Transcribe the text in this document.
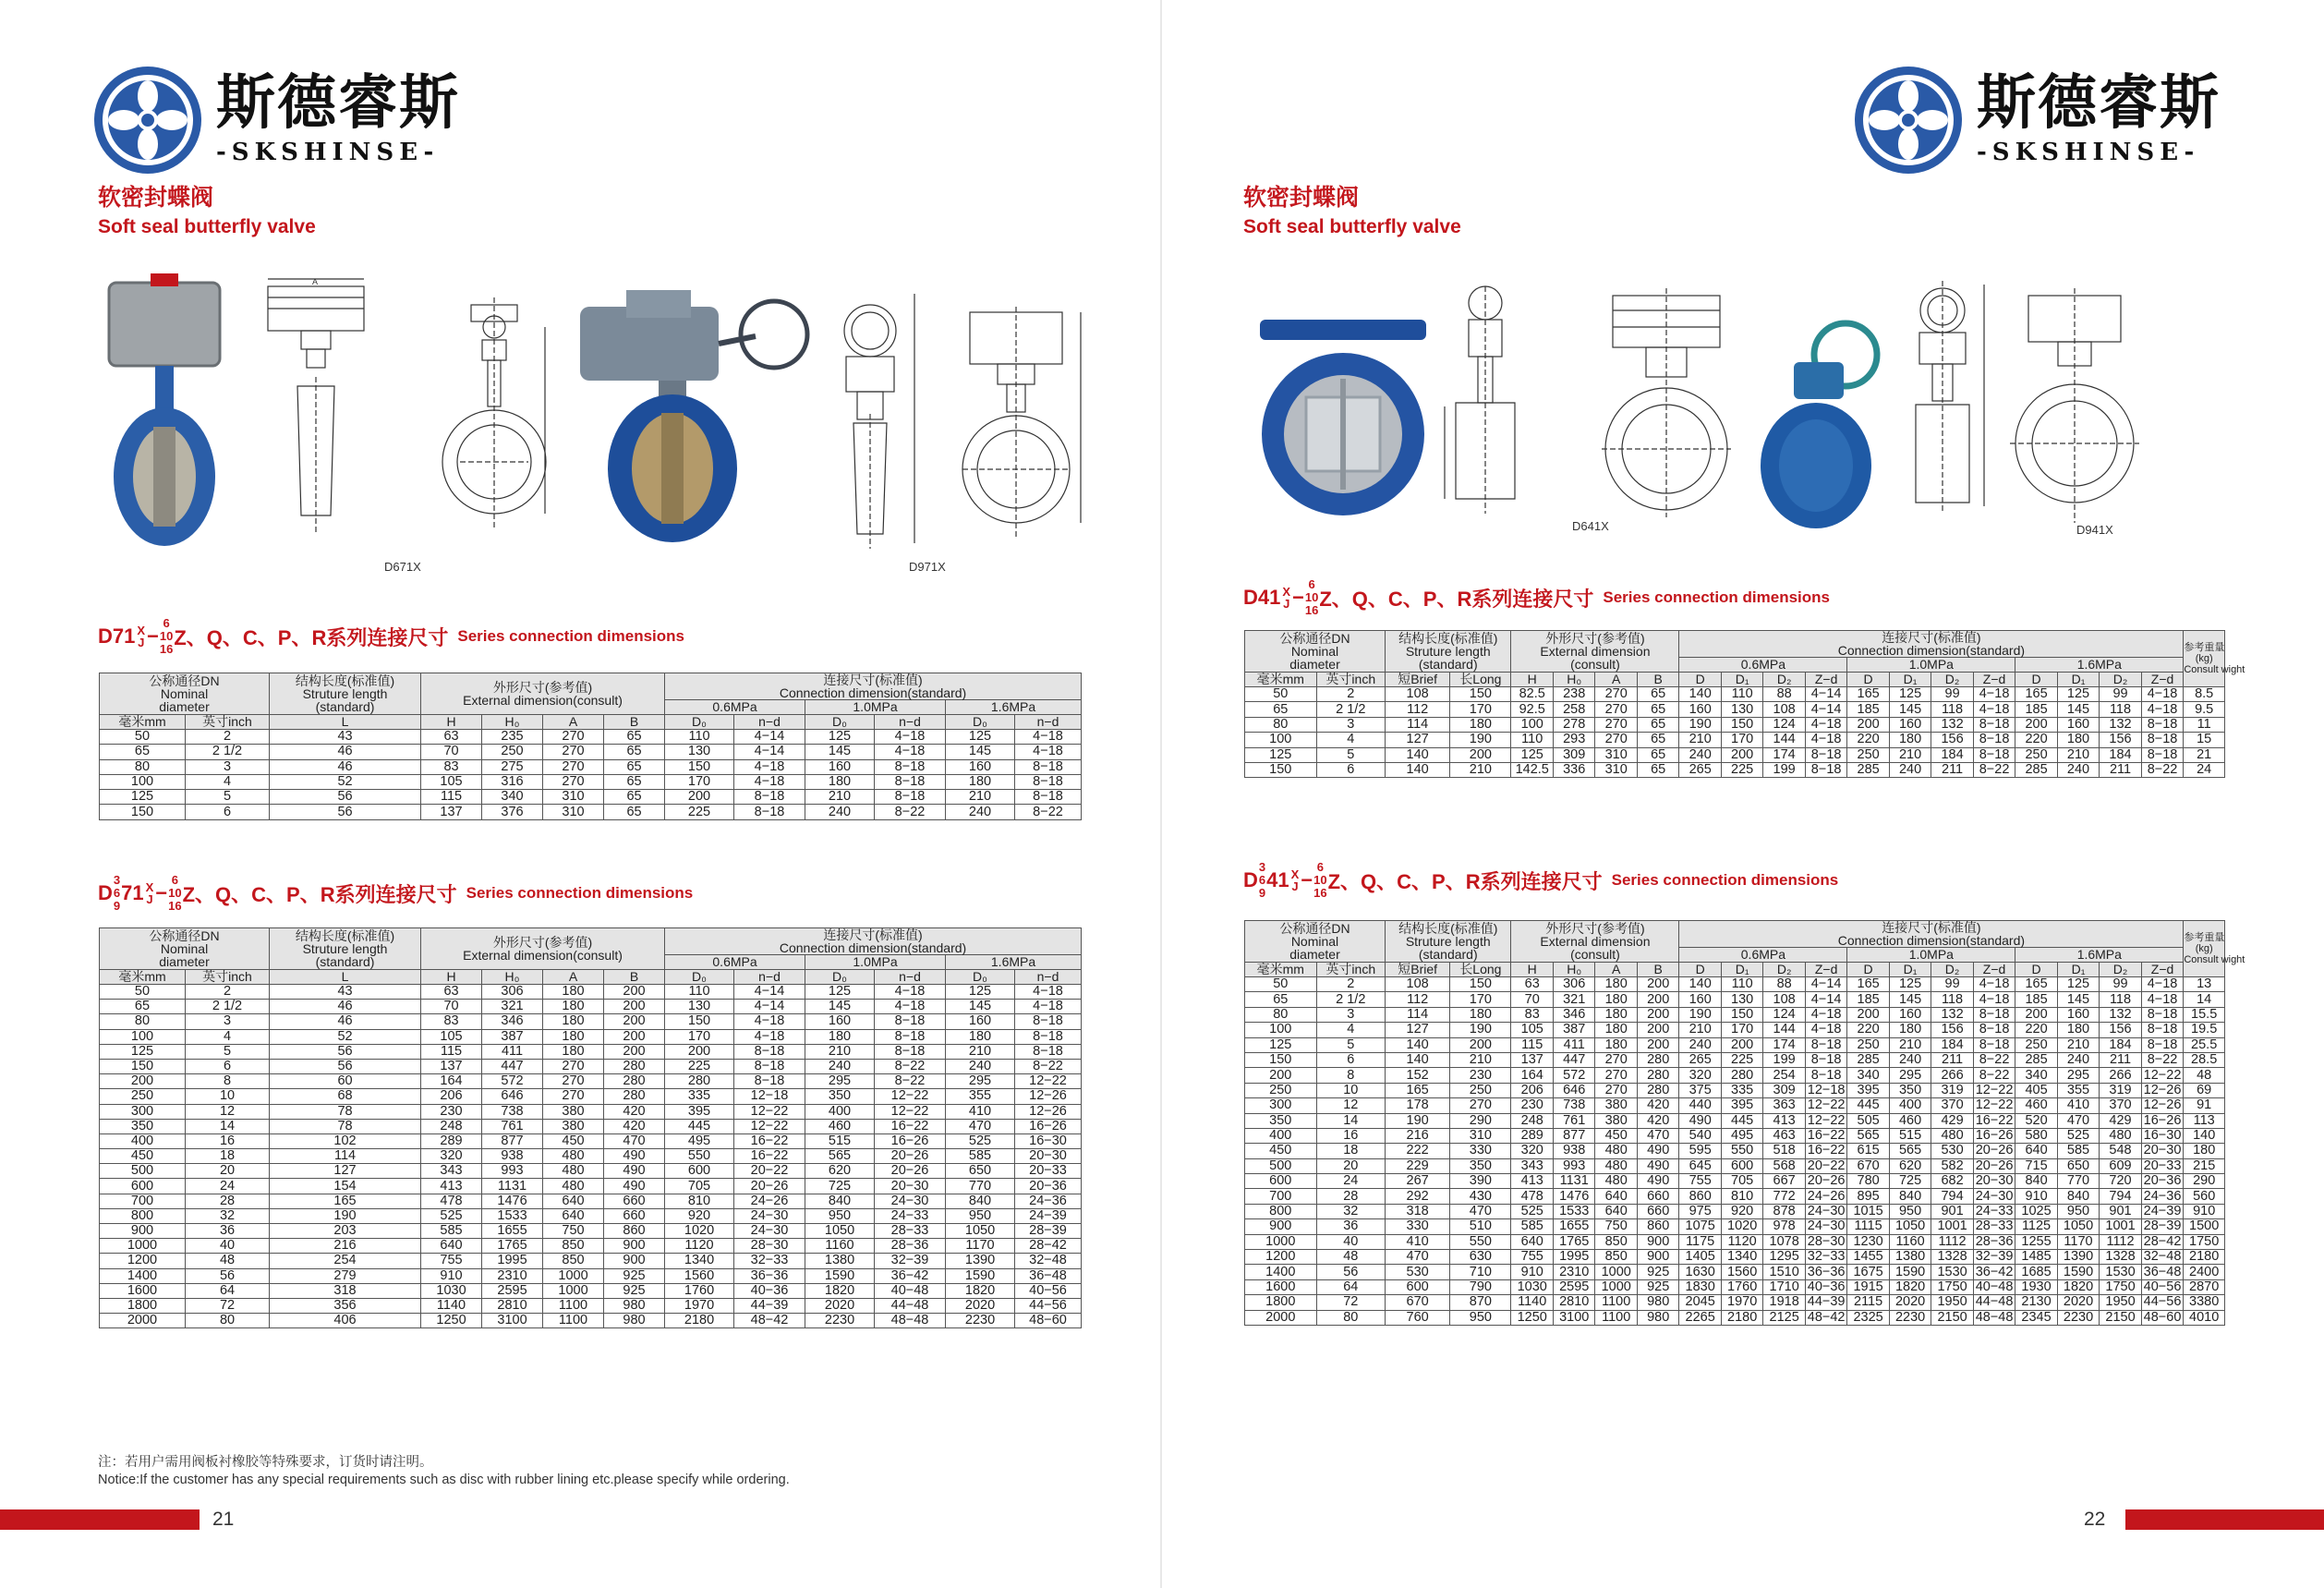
斯德睿斯
-SKSHINSE-
软密封蝶阀
Soft seal butterfly valve
A
D671X	D971X
D71 X
J −
6
10
16 Z、Q、C、P、R系列连接尺寸 Series connection dimensions
公称通径DN
Nominal
diameter		结构长度(标准值)
Struture length
(standard)	外形尺寸(参考值)
External dimension(consult)				连接尺寸(标准值)
Connection dimension(standard)					
							0.6MPa		1.0MPa		1.6MPa	
毫米mm	英寸inch	L	H	H₀	A	B	D₀	n−d	D₀	n−d	D₀	n−d
50	2	43	63	235	270	65	110	4−14	125	4−18	125	4−18
65	2 1/2	46	70	250	270	65	130	4−14	145	4−18	145	4−18
80	3	46	83	275	270	65	150	4−18	160	8−18	160	8−18
100	4	52	105	316	270	65	170	4−18	180	8−18	180	8−18
125	5	56	115	340	310	65	200	8−18	210	8−18	210	8−18
150	6	56	137	376	310	65	225	8−18	240	8−22	240	8−22
D
3
6
9
71 X
J −
6
10
16 Z、Q、C、P、R系列连接尺寸 Series connection dimensions
公称通径DN
Nominal
diameter		结构长度(标准值)
Struture length
(standard)	外形尺寸(参考值)
External dimension(consult)				连接尺寸(标准值)
Connection dimension(standard)					
							0.6MPa		1.0MPa		1.6MPa	
毫米mm	英寸inch	L	H	H₀	A	B	D₀	n−d	D₀	n−d	D₀	n−d
50	2	43	63	306	180	200	110	4−14	125	4−18	125	4−18
65	2 1/2	46	70	321	180	200	130	4−14	145	4−18	145	4−18
80	3	46	83	346	180	200	150	4−18	160	8−18	160	8−18
100	4	52	105	387	180	200	170	4−18	180	8−18	180	8−18
125	5	56	115	411	180	200	200	8−18	210	8−18	210	8−18
150	6	56	137	447	270	280	225	8−18	240	8−22	240	8−22
200	8	60	164	572	270	280	280	8−18	295	8−22	295	12−22
250	10	68	206	646	270	280	335	12−18	350	12−22	355	12−26
300	12	78	230	738	380	420	395	12−22	400	12−22	410	12−26
350	14	78	248	761	380	420	445	12−22	460	16−22	470	16−26
400	16	102	289	877	450	470	495	16−22	515	16−26	525	16−30
450	18	114	320	938	480	490	550	16−22	565	20−26	585	20−30
500	20	127	343	993	480	490	600	20−22	620	20−26	650	20−33
600	24	154	413	1131	480	490	705	20−26	725	20−30	770	20−36
700	28	165	478	1476	640	660	810	24−26	840	24−30	840	24−36
800	32	190	525	1533	640	660	920	24−30	950	24−33	950	24−39
900	36	203	585	1655	750	860	1020	24−30	1050	28−33	1050	28−39
1000	40	216	640	1765	850	900	1120	28−30	1160	28−36	1170	28−42
1200	48	254	755	1995	850	900	1340	32−33	1380	32−39	1390	32−48
1400	56	279	910	2310	1000	925	1560	36−36	1590	36−42	1590	36−48
1600	64	318	1030	2595	1000	925	1760	40−36	1820	40−48	1820	40−56
1800	72	356	1140	2810	1100	980	1970	44−39	2020	44−48	2020	44−56
2000	80	406	1250	3100	1100	980	2180	48−42	2230	48−48	2230	48−60
注：若用户需用阀板衬橡胶等特殊要求，订货时请注明。
Notice:If the customer has any special requirements such as disc with rubber lining etc.please specify while ordering.
21
斯德睿斯
-SKSHINSE-
软密封蝶阀
Soft seal butterfly valve
D641X	D941X
D41 X
J −
6
10
16 Z、Q、C、P、R系列连接尺寸 Series connection dimensions
公称通径DN
Nominal
diameter		结构长度(标准值)
Struture length
(standard)		外形尺寸(参考值)
External dimension
(consult)				连接尺寸(标准值)
Connection dimension(standard)												参考重量
(kg)
Consult wight
								0.6MPa				1.0MPa				1.6MPa				
毫米mm	英寸inch	短Brief	长Long	H	H₀	A	B	D	D₁	D₂	Z−d	D	D₁	D₂	Z−d	D	D₁	D₂	Z−d	
50	2	108	150	82.5	238	270	65	140	110	88	4−14	165	125	99	4−18	165	125	99	4−18	8.5
65	2 1/2	112	170	92.5	258	270	65	160	130	108	4−14	185	145	118	4−18	185	145	118	4−18	9.5
80	3	114	180	100	278	270	65	190	150	124	4−18	200	160	132	8−18	200	160	132	8−18	11
100	4	127	190	110	293	270	65	210	170	144	4−18	220	180	156	8−18	220	180	156	8−18	15
125	5	140	200	125	309	310	65	240	200	174	8−18	250	210	184	8−18	250	210	184	8−18	21
150	6	140	210	142.5	336	310	65	265	225	199	8−18	285	240	211	8−22	285	240	211	8−22	24
D
3
6
9
41 X
J −
6
10
16 Z、Q、C、P、R系列连接尺寸 Series connection dimensions
公称通径DN
Nominal
diameter		结构长度(标准值)
Struture length
(standard)		外形尺寸(参考值)
External dimension
(consult)				连接尺寸(标准值)
Connection dimension(standard)												参考重量
(kg)
Consult wight
								0.6MPa				1.0MPa				1.6MPa				
毫米mm	英寸inch	短Brief	长Long	H	H₀	A	B	D	D₁	D₂	Z−d	D	D₁	D₂	Z−d	D	D₁	D₂	Z−d	
50	2	108	150	63	306	180	200	140	110	88	4−14	165	125	99	4−18	165	125	99	4−18	13
65	2 1/2	112	170	70	321	180	200	160	130	108	4−14	185	145	118	4−18	185	145	118	4−18	14
80	3	114	180	83	346	180	200	190	150	124	4−18	200	160	132	8−18	200	160	132	8−18	15.5
100	4	127	190	105	387	180	200	210	170	144	4−18	220	180	156	8−18	220	180	156	8−18	19.5
125	5	140	200	115	411	180	200	240	200	174	8−18	250	210	184	8−18	250	210	184	8−18	25.5
150	6	140	210	137	447	270	280	265	225	199	8−18	285	240	211	8−22	285	240	211	8−22	28.5
200	8	152	230	164	572	270	280	320	280	254	8−18	340	295	266	8−22	340	295	266	12−22	48
250	10	165	250	206	646	270	280	375	335	309	12−18	395	350	319	12−22	405	355	319	12−26	69
300	12	178	270	230	738	380	420	440	395	363	12−22	445	400	370	12−22	460	410	370	12−26	91
350	14	190	290	248	761	380	420	490	445	413	12−22	505	460	429	16−22	520	470	429	16−26	113
400	16	216	310	289	877	450	470	540	495	463	16−22	565	515	480	16−26	580	525	480	16−30	140
450	18	222	330	320	938	480	490	595	550	518	16−22	615	565	530	20−26	640	585	548	20−30	180
500	20	229	350	343	993	480	490	645	600	568	20−22	670	620	582	20−26	715	650	609	20−33	215
600	24	267	390	413	1131	480	490	755	705	667	20−26	780	725	682	20−30	840	770	720	20−36	290
700	28	292	430	478	1476	640	660	860	810	772	24−26	895	840	794	24−30	910	840	794	24−36	560
800	32	318	470	525	1533	640	660	975	920	878	24−30	1015	950	901	24−33	1025	950	901	24−39	910
900	36	330	510	585	1655	750	860	1075	1020	978	24−30	1115	1050	1001	28−33	1125	1050	1001	28−39	1500
1000	40	410	550	640	1765	850	900	1175	1120	1078	28−30	1230	1160	1112	28−36	1255	1170	1112	28−42	1750
1200	48	470	630	755	1995	850	900	1405	1340	1295	32−33	1455	1380	1328	32−39	1485	1390	1328	32−48	2180
1400	56	530	710	910	2310	1000	925	1630	1560	1510	36−36	1675	1590	1530	36−42	1685	1590	1530	36−48	2400
1600	64	600	790	1030	2595	1000	925	1830	1760	1710	40−36	1915	1820	1750	40−48	1930	1820	1750	40−56	2870
1800	72	670	870	1140	2810	1100	980	2045	1970	1918	44−39	2115	2020	1950	44−48	2130	2020	1950	44−56	3380
2000	80	760	950	1250	3100	1100	980	2265	2180	2125	48−42	2325	2230	2150	48−48	2345	2230	2150	48−60	4010
22
